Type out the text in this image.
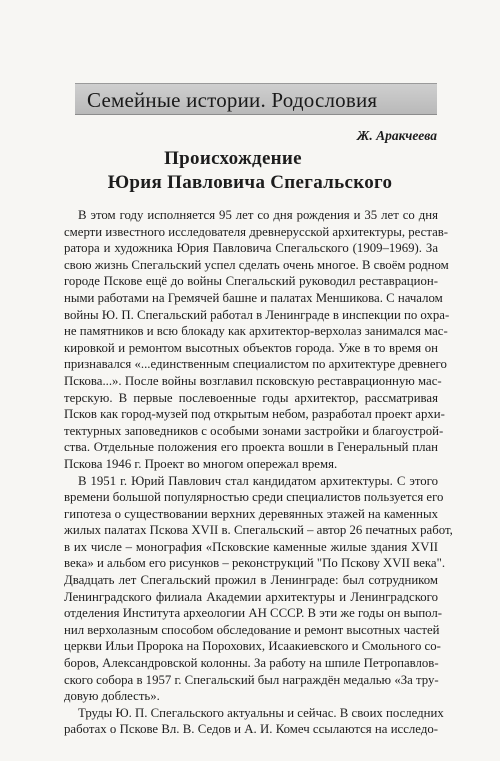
Семейные истории. Родословия
Ж. Аракчеева
Происхождение
Юрия Павловича Спегальского
В этом году исполняется 95 лет со дня рождения и 35 лет со дня
смерти известного исследователя древнерусской архитектуры, рестав-
ратора и художника Юрия Павловича Спегальского (1909–1969). За
свою жизнь Спегальский успел сделать очень многое. В своём родном
городе Пскове ещё до войны Спегальский руководил реставрацион-
ными работами на Гремячей башне и палатах Меншикова. С началом
войны Ю. П. Спегальский работал в Ленинграде в инспекции по охра-
не памятников и всю блокаду как архитектор-верхолаз занимался мас-
кировкой и ремонтом высотных объектов города. Уже в то время он
признавался «...единственным специалистом по архитектуре древнего
Пскова...». После войны возглавил псковскую реставрационную мас-
терскую. В первые послевоенные годы архитектор, рассматривая
Псков как город-музей под открытым небом, разработал проект архи-
тектурных заповедников с особыми зонами застройки и благоустрой-
ства. Отдельные положения его проекта вошли в Генеральный план
Пскова 1946 г. Проект во многом опережал время.
В 1951 г. Юрий Павлович стал кандидатом архитектуры. С этого
времени большой популярностью среди специалистов пользуется его
гипотеза о существовании верхних деревянных этажей на каменных
жилых палатах Пскова XVII в. Спегальский – автор 26 печатных работ,
в их числе – монография «Псковские каменные жилые здания XVII
века» и альбом его рисунков – реконструкций "По Пскову XVII века".
Двадцать лет Спегальский прожил в Ленинграде: был сотрудником
Ленинградского филиала Академии архитектуры и Ленинградского
отделения Института археологии АН СССР. В эти же годы он выпол-
нил верхолазным способом обследование и ремонт высотных частей
церкви Ильи Пророка на Порохових, Исаакиевского и Смольного со-
боров, Александровской колонны. За работу на шпиле Петропавлов-
ского собора в 1957 г. Спегальский был награждён медалью «За тру-
довую доблесть».
Труды Ю. П. Спегальского актуальны и сейчас. В своих последних
работах о Пскове Вл. В. Седов и А. И. Комеч ссылаются на исследо-
